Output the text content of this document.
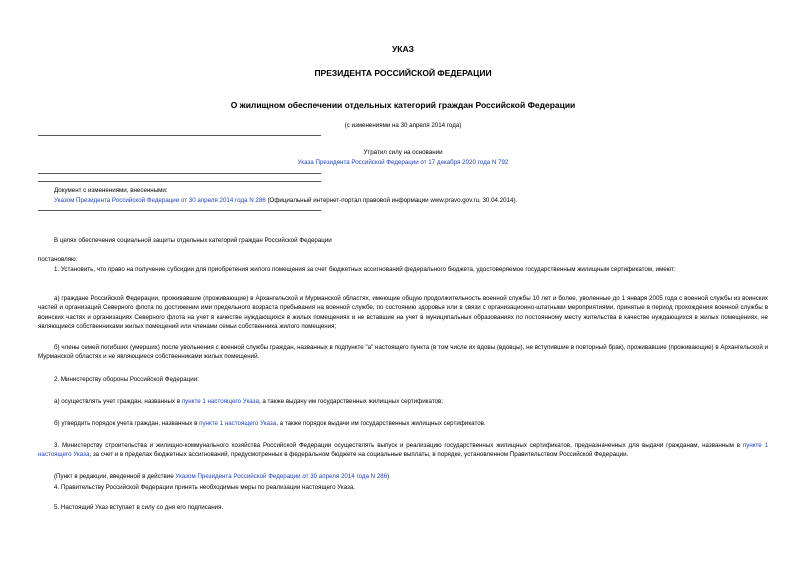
УКАЗ
ПРЕЗИДЕНТА РОССИЙСКОЙ ФЕДЕРАЦИИ
О жилищном обеспечении отдельных категорий граждан Российской Федерации
(с изменениями на 30 апреля 2014 года)
Утратил силу на основании
Указа Президента Российской Федерации от 17 декабря 2020 года N 792
Документ с изменениями, внесенными:
Указом Президента Российской Федерации от 30 апреля 2014 года N 286 (Официальный интернет-портал правовой информации www.pravo.gov.ru, 30.04.2014).
В целях обеспечения социальной защиты отдельных категорий граждан Российской Федерации
постановляю:
1. Установить, что право на получение субсидии для приобретения жилого помещения за счет бюджетных ассигнований федерального бюджета, удостоверяемое государственным жилищным сертификатом, имеют:
а) граждане Российской Федерации, проживавшие (проживающие) в Архангельской и Мурманской областях, имеющие общую продолжительность военной службы 10 лет и более, уволенные до 1 января 2005 года с военной службы из воинских частей и организаций Северного флота по достижении ими предельного возраста пребывания на военной службе, по состоянию здоровья или в связи с организационно-штатными мероприятиями, принятые в период прохождения военной службы в воинских частях и организациях Северного флота на учет в качестве нуждающихся в жилых помещениях и не вставшие на учет в муниципальных образованиях по постоянному месту жительства в качестве нуждающихся в жилых помещениях, не являющиеся собственниками жилых помещений или членами семьи собственника жилого помещения;
б) члены семей погибших (умерших) после увольнения с военной службы граждан, названных в подпункте "а" настоящего пункта (в том числе их вдовы (вдовцы), не вступившие в повторный брак), проживавшие (проживающие) в Архангельской и Мурманской областях и не являющиеся собственниками жилых помещений.
2. Министерству обороны Российской Федерации:
а) осуществлять учет граждан, названных в пункте 1 настоящего Указа, а также выдачу им государственных жилищных сертификатов;
б) утвердить порядок учета граждан, названных в пункте 1 настоящего Указа, а также порядок выдачи им государственных жилищных сертификатов.
3. Министерству строительства и жилищно-коммунального хозяйства Российской Федерации осуществлять выпуск и реализацию государственных жилищных сертификатов, предназначенных для выдачи гражданам, названным в пункте 1 настоящего Указа, за счет и в пределах бюджетных ассигнований, предусмотренных в федеральном бюджете на социальные выплаты, в порядке, установленном Правительством Российской Федерации.
(Пункт в редакции, введенной в действие Указом Президента Российской Федерации от 30 апреля 2014 года N 286)
4. Правительству Российской Федерации принять необходимые меры по реализации настоящего Указа.
5. Настоящий Указ вступает в силу со дня его подписания.
